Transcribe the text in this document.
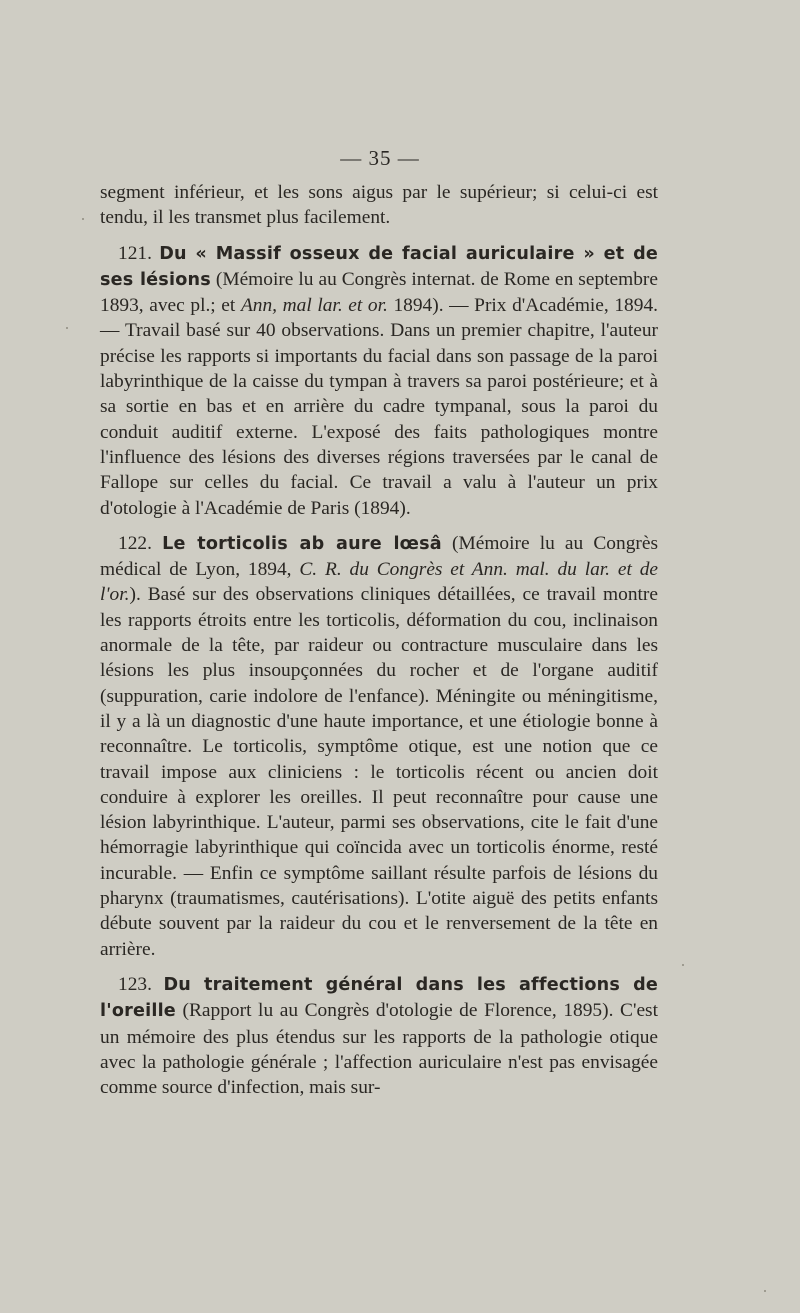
— 35 —

segment inférieur, et les sons aigus par le supérieur; si celui-ci est tendu, il les transmet plus facilement.

121. Du « Massif osseux de facial auriculaire » et de ses lésions (Mémoire lu au Congrès internat. de Rome en septembre 1893, avec pl.; et Ann, mal lar. et or. 1894). — Prix d'Académie, 1894. — Travail basé sur 40 observations. Dans un premier chapitre, l'auteur précise les rapports si importants du facial dans son passage de la paroi labyrinthique de la caisse du tympan à travers sa paroi postérieure; et à sa sortie en bas et en arrière du cadre tympanal, sous la paroi du conduit auditif externe. L'exposé des faits pathologiques montre l'influence des lésions des diverses régions traversées par le canal de Fallope sur celles du facial. Ce travail a valu à l'auteur un prix d'otologie à l'Académie de Paris (1894).

122. Le torticolis ab aure lœsâ (Mémoire lu au Congrès médical de Lyon, 1894, C. R. du Congrès et Ann. mal. du lar. et de l'or.). Basé sur des observations cliniques détaillées, ce travail montre les rapports étroits entre les torticolis, déformation du cou, inclinaison anormale de la tête, par raideur ou contracture musculaire dans les lésions les plus insoupçonnées du rocher et de l'organe auditif (suppuration, carie indolore de l'enfance). Méningite ou méningitisme, il y a là un diagnostic d'une haute importance, et une étiologie bonne à reconnaître. Le torticolis, symptôme otique, est une notion que ce travail impose aux cliniciens : le torticolis récent ou ancien doit conduire à explorer les oreilles. Il peut reconnaître pour cause une lésion labyrinthique. L'auteur, parmi ses observations, cite le fait d'une hémorragie labyrinthique qui coïncida avec un torticolis énorme, resté incurable. — Enfin ce symptôme saillant résulte parfois de lésions du pharynx (traumatismes, cautérisations). L'otite aiguë des petits enfants débute souvent par la raideur du cou et le renversement de la tête en arrière.

123. Du traitement général dans les affections de l'oreille (Rapport lu au Congrès d'otologie de Florence, 1895). C'est un mémoire des plus étendus sur les rapports de la pathologie otique avec la pathologie générale ; l'affection auriculaire n'est pas envisagée comme source d'infection, mais sur-
